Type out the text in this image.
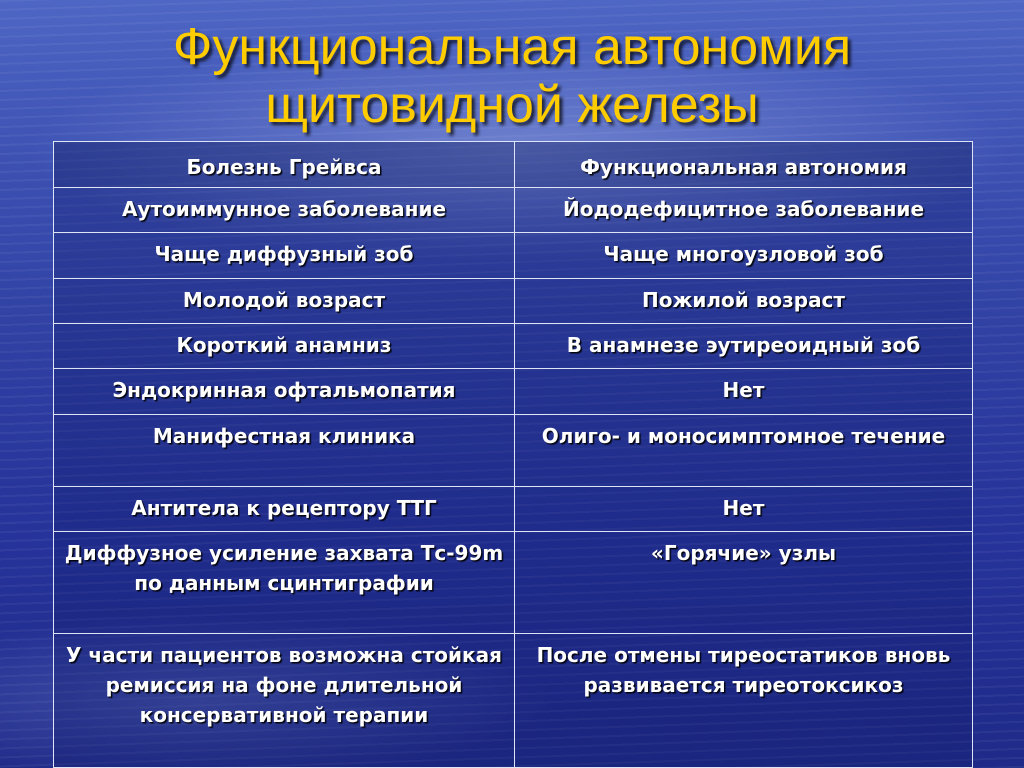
Функциональная автономия
щитовидной железы
Болезнь Грейвса	Функциональная автономия
Аутоиммунное заболевание	Йододефицитное заболевание
Чаще диффузный зоб	Чаще многоузловой зоб
Молодой возраст	Пожилой возраст
Короткий анамниз	В анамнезе эутиреоидный зоб
Эндокринная офтальмопатия	Нет
Манифестная клиника	Олиго- и моносимптомное течение
Антитела к рецептору ТТГ	Нет
Диффузное усиление захвата Тс-99m по данным сцинтиграфии	«Горячие» узлы
У части пациентов возможна стойкая ремиссия на фоне длительной консервативной терапии	После отмены тиреостатиков вновь развивается тиреотоксикоз
